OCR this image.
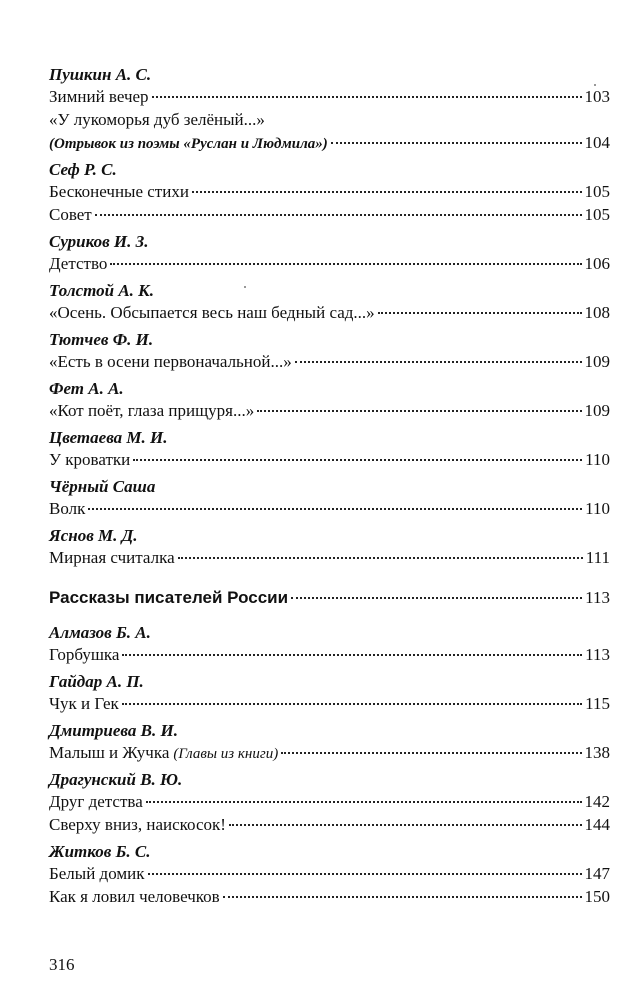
Пушкин А. С.
Зимний вечер	103
«У лукоморья дуб зелёный...»
(Отрывок из поэмы «Руслан и Людмила»)	104
Сеф Р. С.
Бесконечные стихи	105
Совет	105
Суриков И. З.
Детство	106
Толстой А. К.
«Осень. Обсыпается весь наш бедный сад...»	108
Тютчев Ф. И.
«Есть в осени первоначальной...»	109
Фет А. А.
«Кот поёт, глаза прищуря...»	109
Цветаева М. И.
У кроватки	110
Чёрный Саша
Волк	110
Яснов М. Д.
Мирная считалка	111
Рассказы писателей России	113
Алмазов Б. А.
Горбушка	113
Гайдар А. П.
Чук и Гек	115
Дмитриева В. И.
Малыш и Жучка (Главы из книги)	138
Драгунский В. Ю.
Друг детства	142
Сверху вниз, наискосок!	144
Житков Б. С.
Белый домик	147
Как я ловил человечков	150
316
